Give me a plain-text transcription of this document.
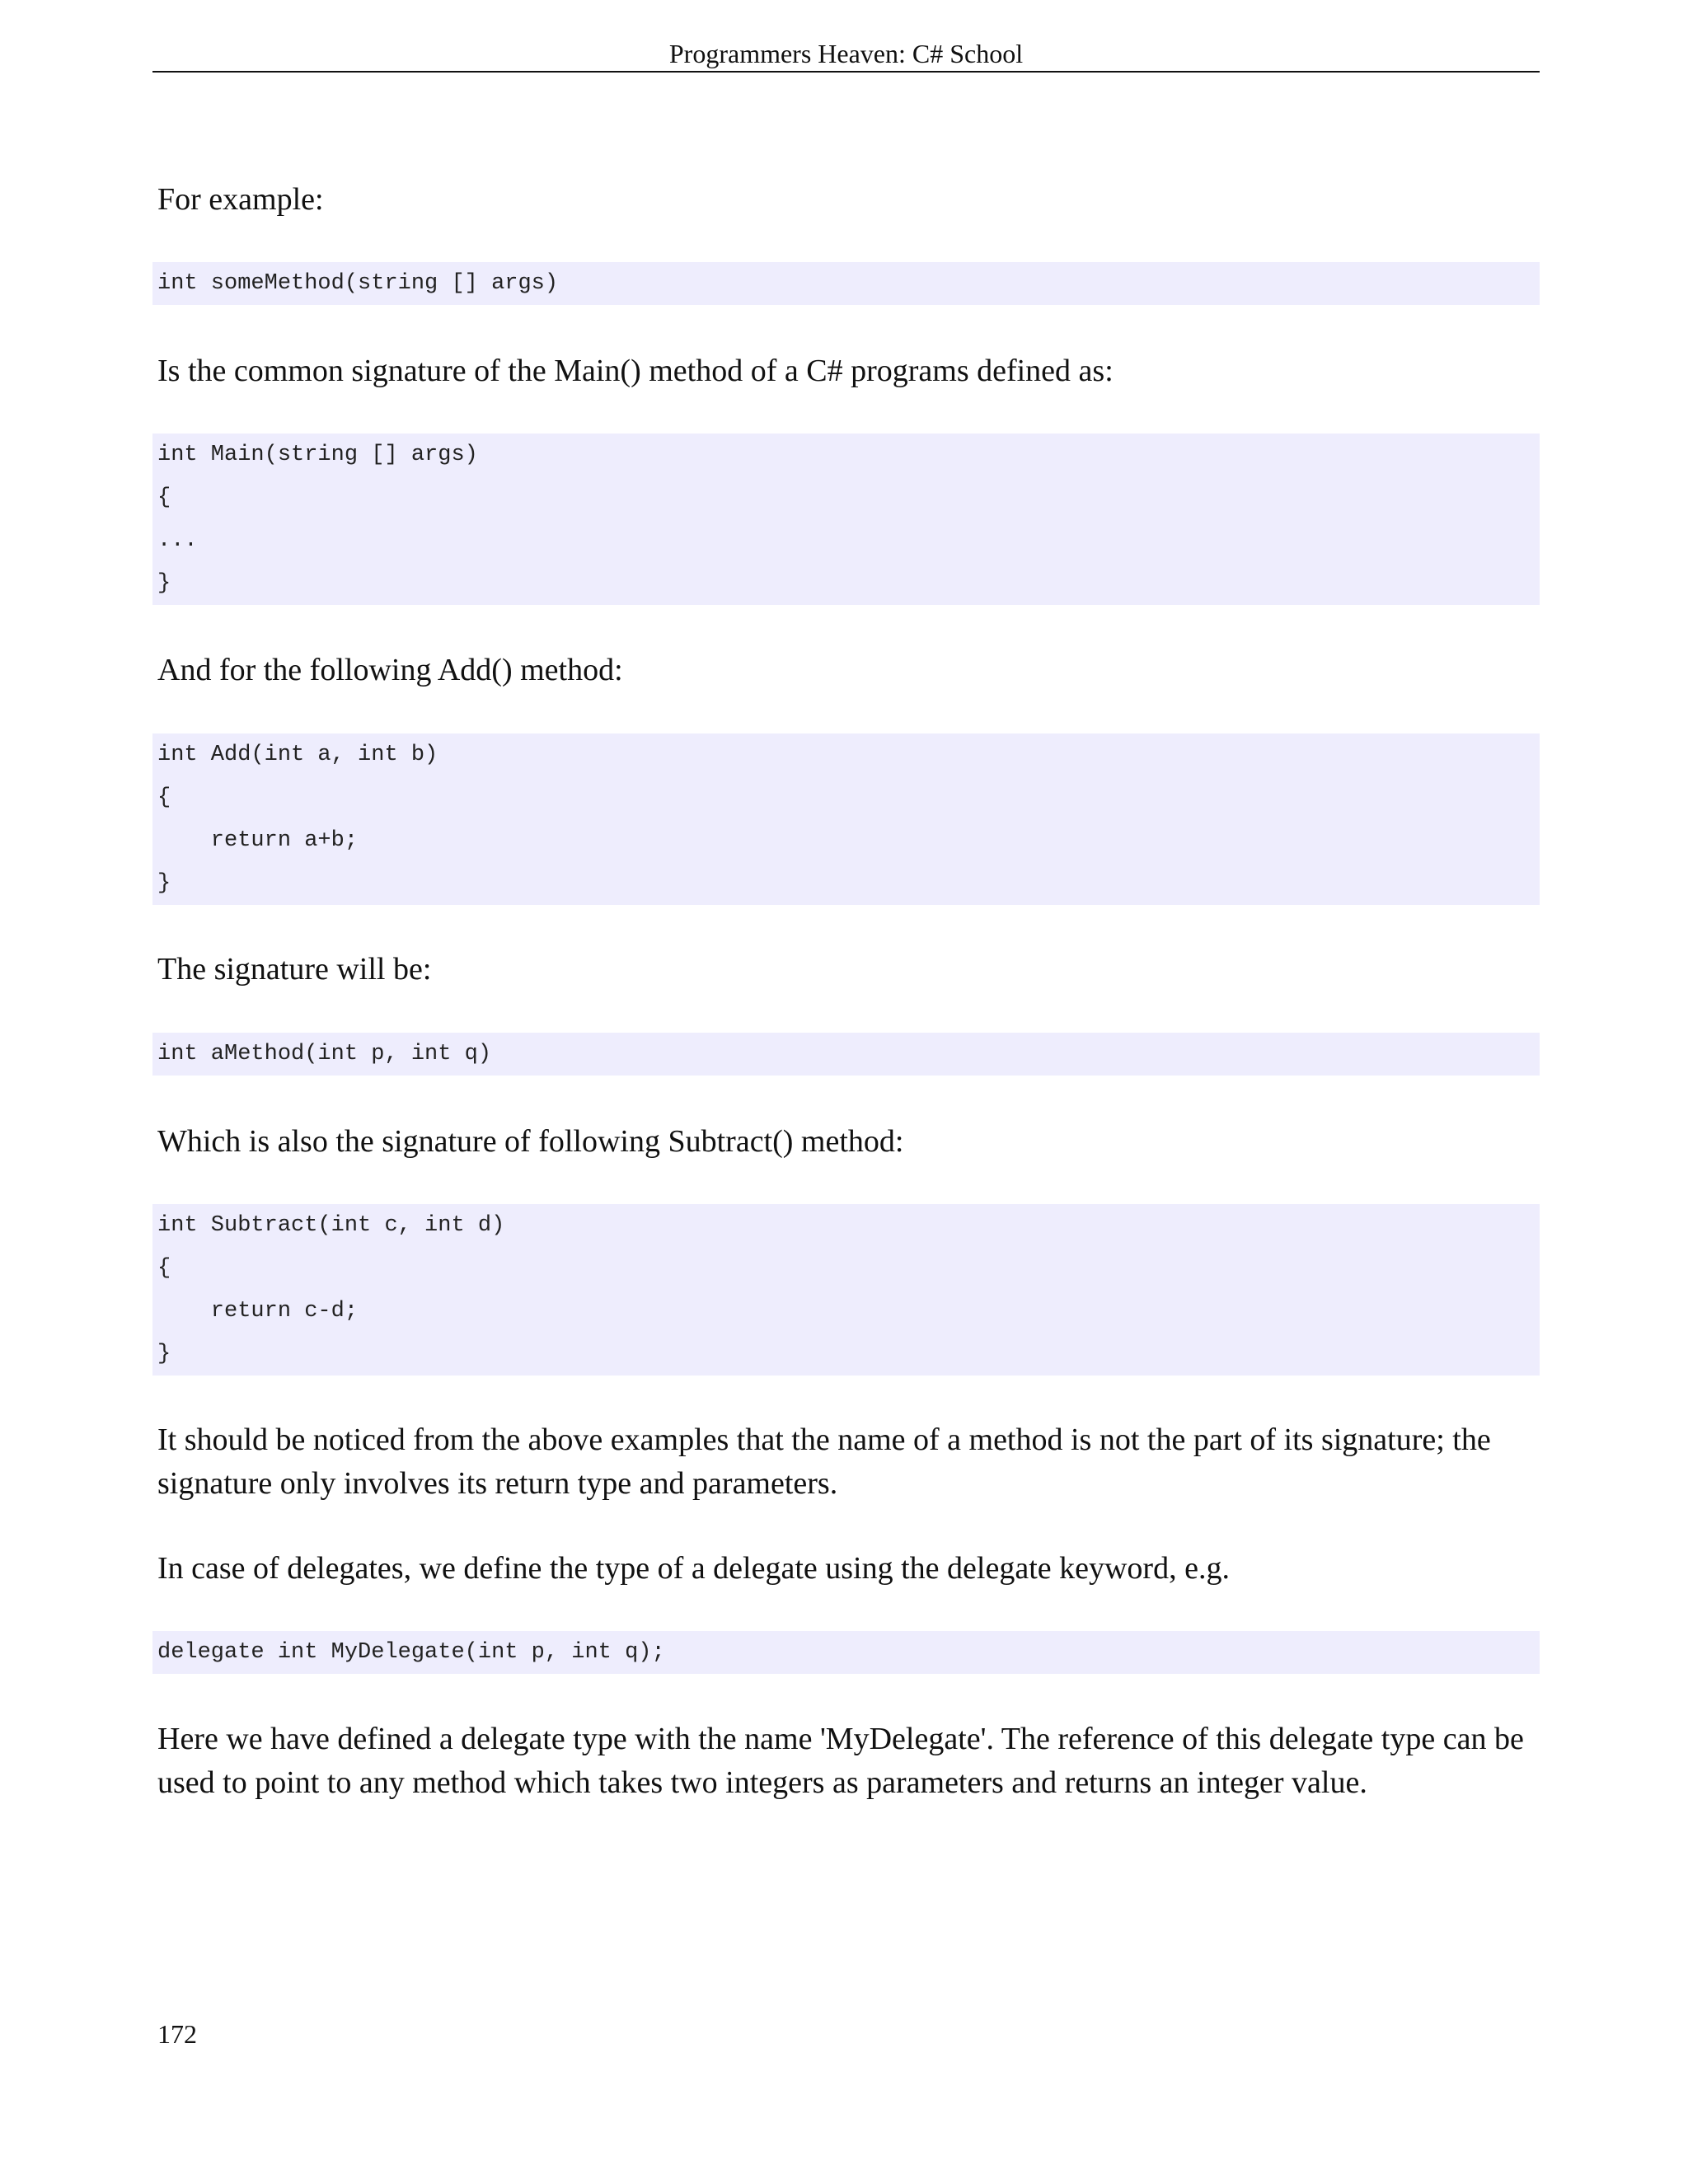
Programmers Heaven: C# School

For example:

int someMethod(string [] args)

Is the common signature of the Main() method of a C# programs defined as:

int Main(string [] args)
{
...
}

And for the following Add() method:

int Add(int a, int b)
{
return a+b;
}

The signature will be:

int aMethod(int p, int q)

Which is also the signature of following Subtract() method:

int Subtract(int c, int d)
{
return c-d;
}

It should be noticed from the above examples that the name of a method is not the part of its signature; the signature only involves its return type and parameters.

In case of delegates, we define the type of a delegate using the delegate keyword, e.g.

delegate int MyDelegate(int p, int q);

Here we have defined a delegate type with the name 'MyDelegate'. The reference of this delegate type can be used to point to any method which takes two integers as parameters and returns an integer value.

172
